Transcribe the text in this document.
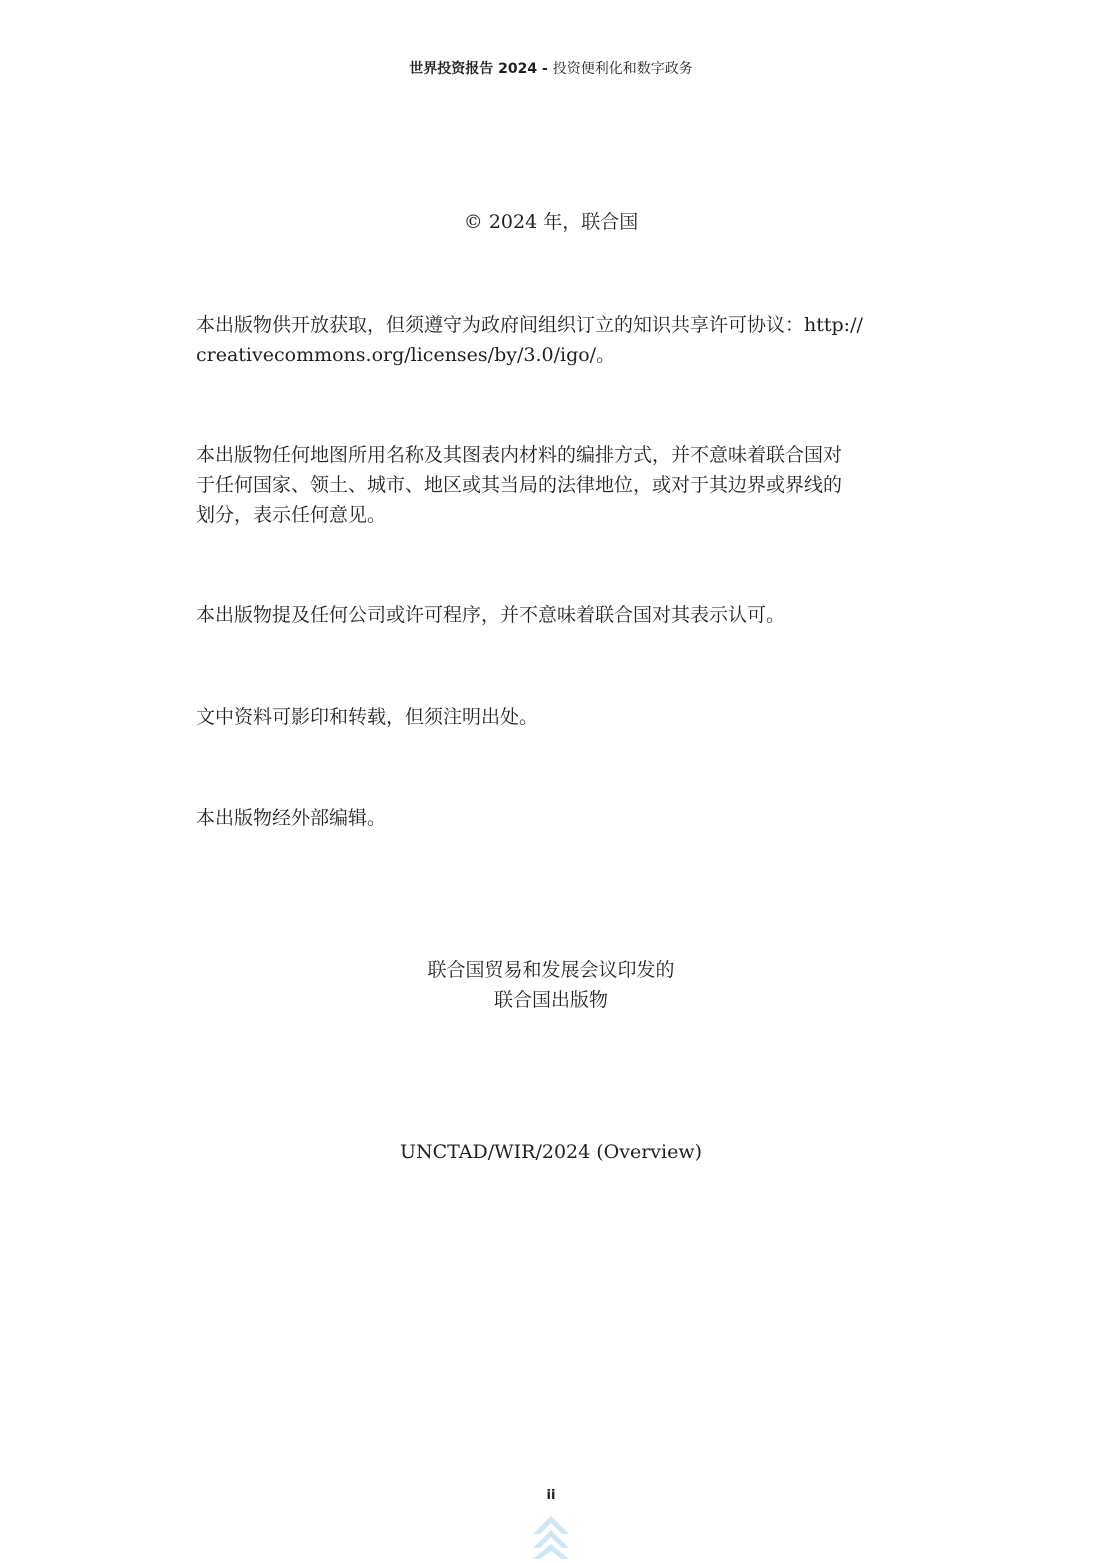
世界投资报告 2024 - 投资便利化和数字政务
© 2024 年，联合国
本出版物供开放获取，但须遵守为政府间组织订立的知识共享许可协议：http://
creativecommons.org/licenses/by/3.0/igo/。
本出版物任何地图所用名称及其图表内材料的编排方式，并不意味着联合国对
于任何国家、领土、城市、地区或其当局的法律地位，或对于其边界或界线的
划分，表示任何意见。
本出版物提及任何公司或许可程序，并不意味着联合国对其表示认可。
文中资料可影印和转载，但须注明出处。
本出版物经外部编辑。
联合国贸易和发展会议印发的
联合国出版物
UNCTAD/WIR/2024 (Overview)
ii
